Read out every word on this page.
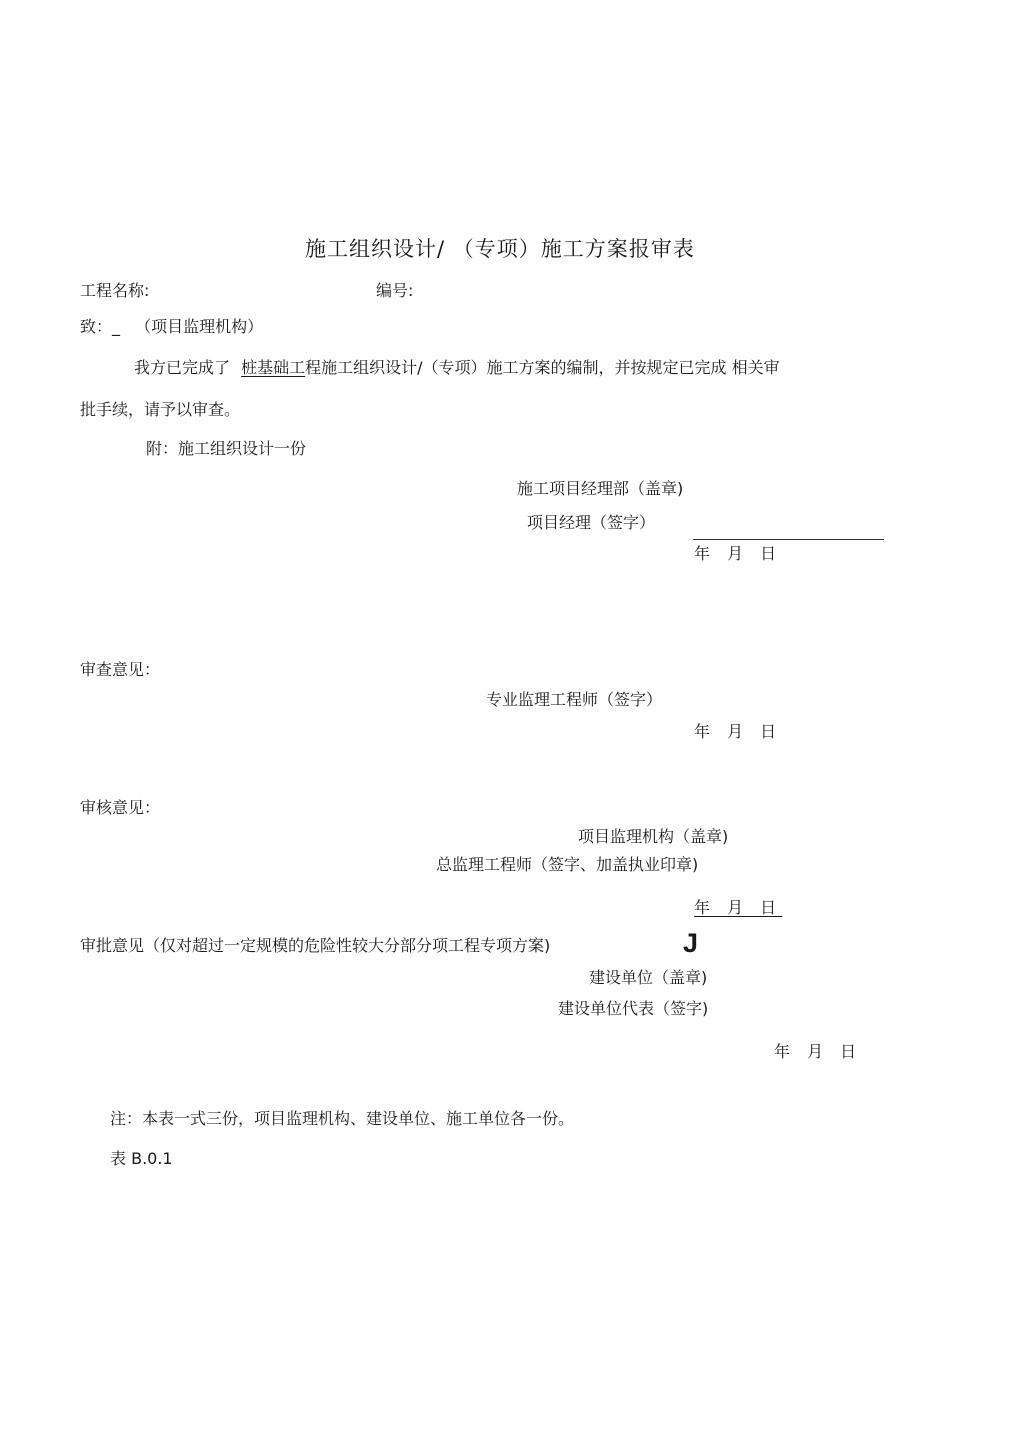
施工组织设计/ （专项）施工方案报审表
工程名称:	编号:
致：_ （项目监理机构）
我方已完成了 桩基础工程施工组织设计/（专项）施工方案的编制，并按规定已完成 相关审
批手续，请予以审查。
附：施工组织设计一份
施工项目经理部（盖章)
项目经理（签字）
年 月 日
审查意见：
专业监理工程师（签字）
年 月 日
审核意见：
项目监理机构（盖章)
总监理工程师（签字、加盖执业印章)
年 月 日
审批意见（仅对超过一定规模的危险性较大分部分项工程专项方案)	J
建设单位（盖章)
建设单位代表（签字)
年 月 日
注：本表一式三份，项目监理机构、建设单位、施工单位各一份。
表 B.0.1
